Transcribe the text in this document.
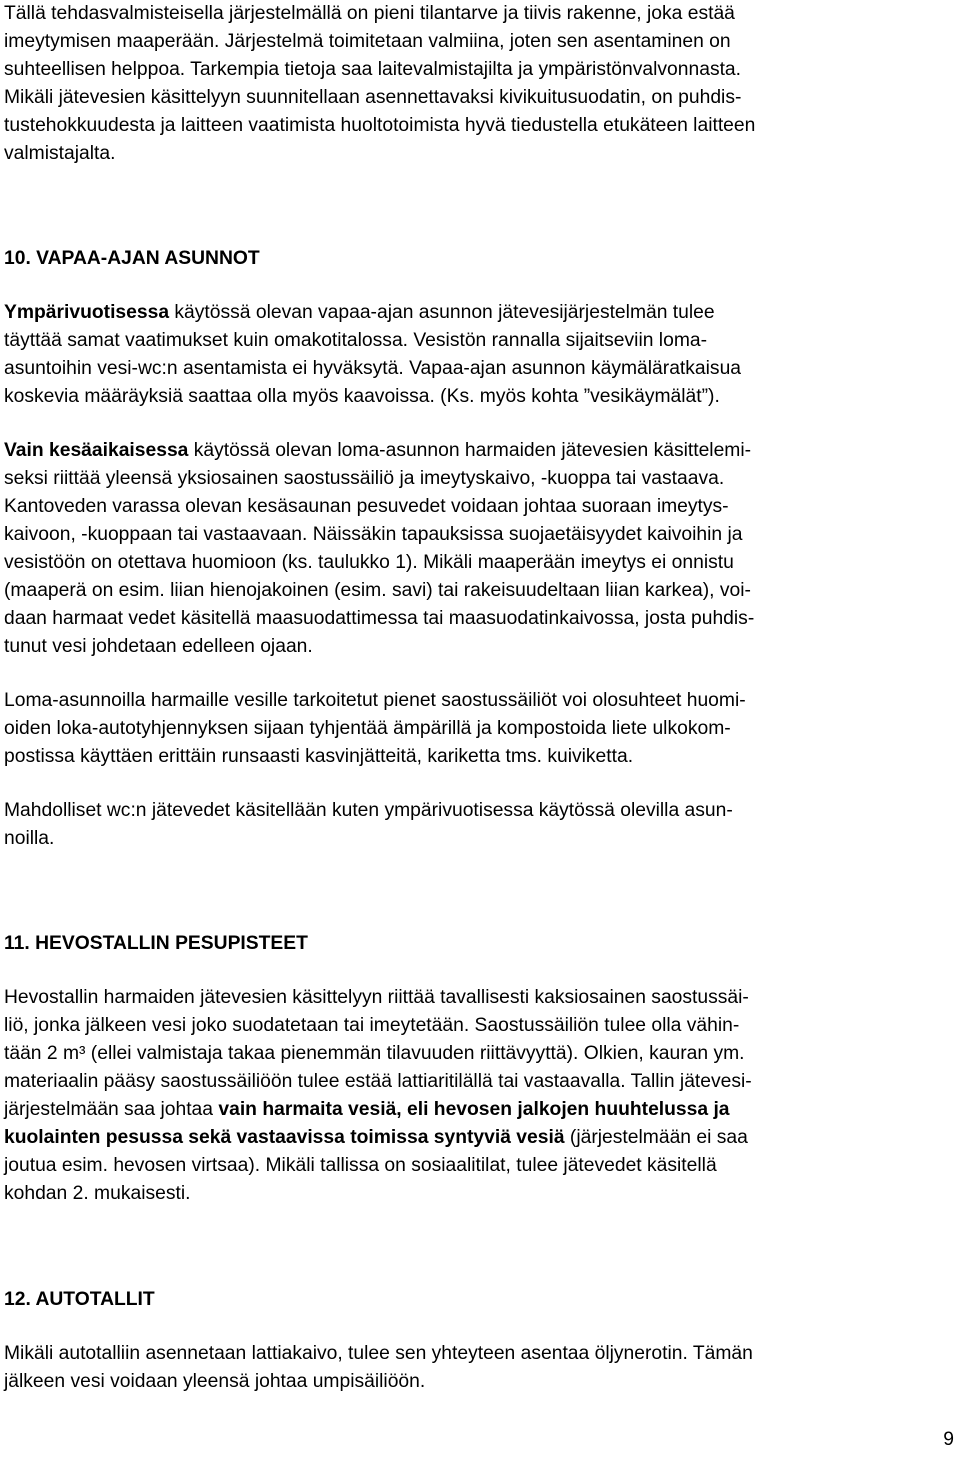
Tällä tehdasvalmisteisella järjestelmällä on pieni tilantarve ja tiivis rakenne, joka estää
imeytymisen maaperään. Järjestelmä toimitetaan valmiina, joten sen asentaminen on
suhteellisen helppoa. Tarkempia tietoja saa laitevalmistajilta ja ympäristönvalvonnasta.
Mikäli jätevesien käsittelyyn suunnitellaan asennettavaksi kivikuitusuodatin, on puhdis-
tustehokkuudesta ja laitteen vaatimista huoltotoimista hyvä tiedustella etukäteen laitteen
valmistajalta.
10. VAPAA-AJAN ASUNNOT
Ympärivuotisessa käytössä olevan vapaa-ajan asunnon jätevesijärjestelmän tulee
täyttää samat vaatimukset kuin omakotitalossa. Vesistön rannalla sijaitseviin loma-
asuntoihin vesi-wc:n asentamista ei hyväksytä. Vapaa-ajan asunnon käymäläratkaisua
koskevia määräyksiä saattaa olla myös kaavoissa. (Ks. myös kohta ”vesikäymälät”).
Vain kesäaikaisessa käytössä olevan loma-asunnon harmaiden jätevesien käsittelemi-
seksi riittää yleensä yksiosainen saostussäiliö ja imeytyskaivo, -kuoppa tai vastaava.
Kantoveden varassa olevan kesäsaunan pesuvedet voidaan johtaa suoraan imeytys-
kaivoon, -kuoppaan tai vastaavaan. Näissäkin tapauksissa suojaetäisyydet kaivoihin ja
vesistöön on otettava huomioon (ks. taulukko 1). Mikäli maaperään imeytys ei onnistu
(maaperä on esim. liian hienojakoinen (esim. savi) tai rakeisuudeltaan liian karkea), voi-
daan harmaat vedet käsitellä maasuodattimessa tai maasuodatinkaivossa, josta puhdis-
tunut vesi johdetaan edelleen ojaan.
Loma-asunnoilla harmaille vesille tarkoitetut pienet saostussäiliöt voi olosuhteet huomi-
oiden loka-autotyhjennyksen sijaan tyhjentää ämpärillä ja kompostoida liete ulkokom-
postissa käyttäen erittäin runsaasti kasvinjätteitä, kariketta tms. kuiviketta.
Mahdolliset wc:n jätevedet käsitellään kuten ympärivuotisessa käytössä olevilla asun-
noilla.
11. HEVOSTALLIN PESUPISTEET
Hevostallin harmaiden jätevesien käsittelyyn riittää tavallisesti kaksiosainen saostussäi-
liö, jonka jälkeen vesi joko suodatetaan tai imeytetään. Saostussäiliön tulee olla vähin-
tään 2 m³ (ellei valmistaja takaa pienemmän tilavuuden riittävyyttä). Olkien, kauran ym.
materiaalin pääsy saostussäiliöön tulee estää lattiaritilällä tai vastaavalla. Tallin jätevesi-
järjestelmään saa johtaa vain harmaita vesiä, eli hevosen jalkojen huuhtelussa ja
kuolainten pesussa sekä vastaavissa toimissa syntyviä vesiä (järjestelmään ei saa
joutua esim. hevosen virtsaa). Mikäli tallissa on sosiaalitilat, tulee jätevedet käsitellä
kohdan 2. mukaisesti.
12. AUTOTALLIT
Mikäli autotalliin asennetaan lattiakaivo, tulee sen yhteyteen asentaa öljynerotin. Tämän
jälkeen vesi voidaan yleensä johtaa umpisäiliöön.
9
